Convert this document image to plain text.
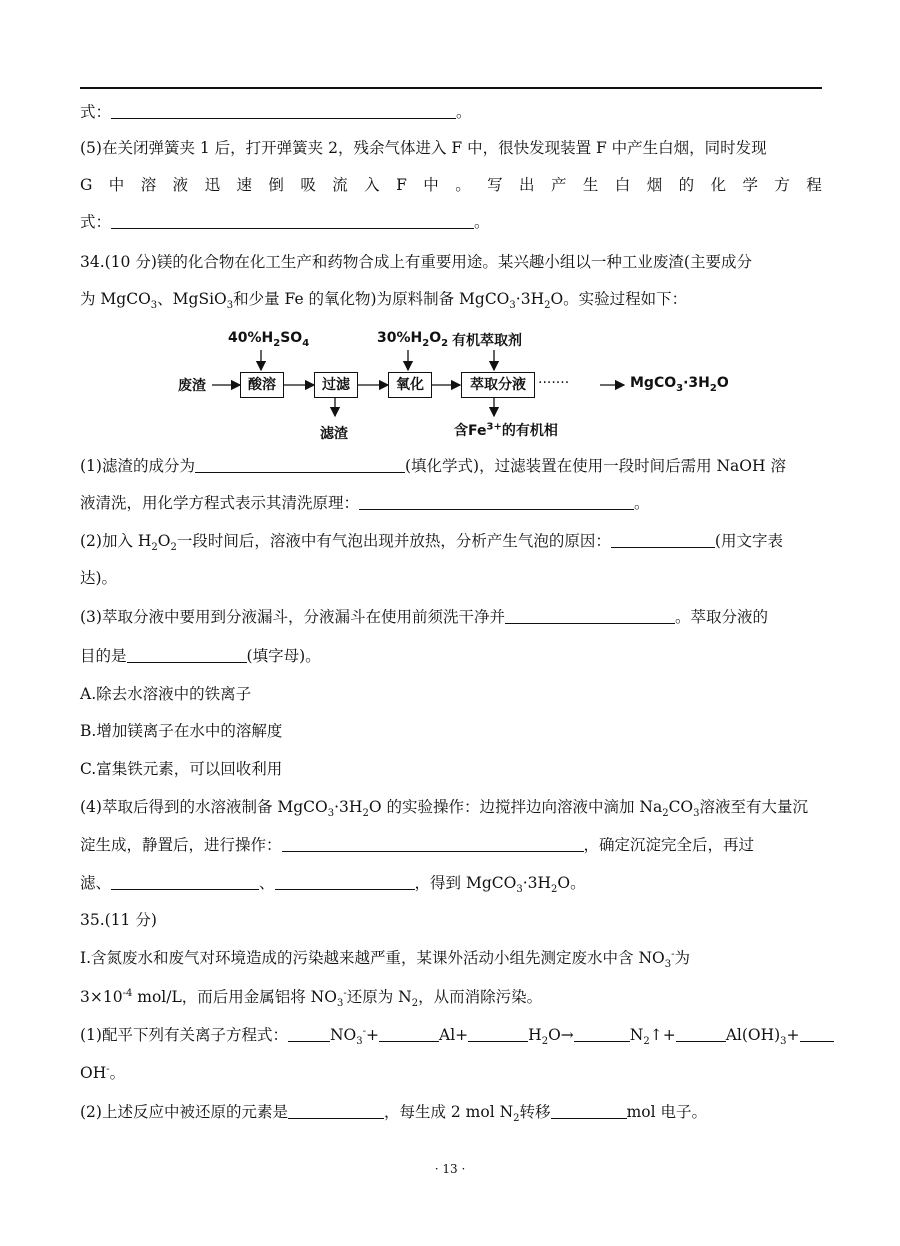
式：	。
(5)在关闭弹簧夹 1 后，打开弹簧夹 2，残余气体进入 F 中，很快发现装置 F 中产生白烟，同时发现
G 中 溶 液 迅 速 倒 吸 流 入 F 中 。 写 出 产 生 白 烟 的 化 学 方 程
式：	。
34.(10 分)镁的化合物在化工生产和药物合成上有重要用途。某兴趣小组以一种工业废渣(主要成分
为 MgCO$_3$、MgSiO$_3$和少量 Fe 的氧化物)为原料制备 $MgCO_3\cdot 3H_2O$。实验过程如下：
废渣	酸溶	过滤	氧化	萃取分液 ·······
$40\%H_2SO_4$	$30\%H_2O_2$ 有机萃取剂
滤渣	含$Fe^{3+}$的有机相
$MgCO_3\cdot 3H_2O$
(1)滤渣的成分为	(填化学式)，过滤装置在使用一段时间后需用 NaOH 溶
液清洗，用化学方程式表示其清洗原理：	。
(2)加入 $H_2O_2$一段时间后，溶液中有气泡出现并放热，分析产生气泡的原因：	(用文字表
达)。
(3)萃取分液中要用到分液漏斗，分液漏斗在使用前须洗干净并	。萃取分液的
目的是	(填字母)。
A.除去水溶液中的铁离子
B.增加镁离子在水中的溶解度
C.富集铁元素，可以回收利用
(4)萃取后得到的水溶液制备 $MgCO_3\cdot 3H_2O$ 的实验操作：边搅拌边向溶液中滴加 $Na_2CO_3$溶液至有大量沉
淀生成，静置后，进行操作：	，确定沉淀完全后，再过
滤、	、	，得到 $MgCO_3\cdot 3H_2O$。
35.(11 分)
Ⅰ.含氮废水和废气对环境造成的污染越来越严重，某课外活动小组先测定废水中含 $NO_3^-$为
$3\times 10^{-4}$ mol/L，而后用金属铝将 $NO_3^-$还原为 $N_2$，从而消除污染。
(1)配平下列有关离子方程式：	$NO_3^-+$	Al+	$H_2O\to$	$N_2↑+$	$Al(OH)_3+$
OH-。
(2)上述反应中被还原的元素是	，每生成 2 mol $N_2$转移	mol 电子。
· 13 ·
